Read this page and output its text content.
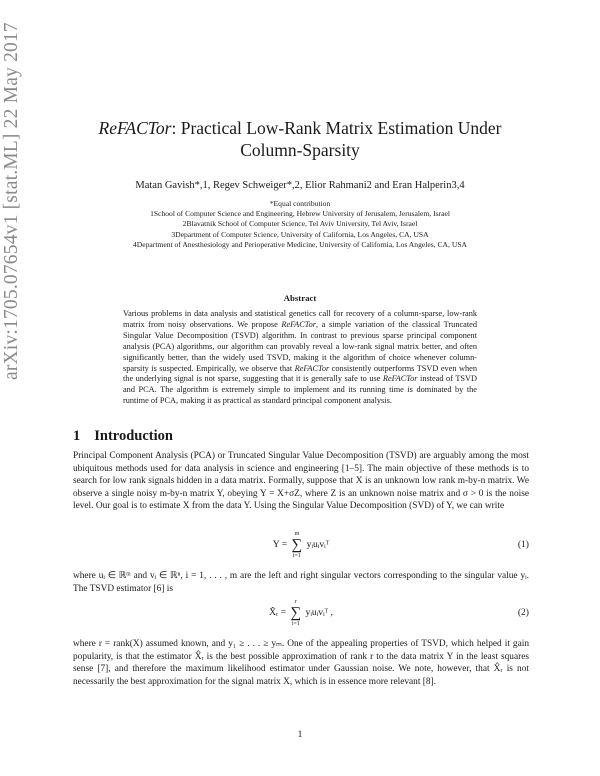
arXiv:1705.07654v1 [stat.ML] 22 May 2017	ReFACTor: Practical Low-Rank Matrix Estimation Under
Column-Sparsity
Matan Gavish*,1, Regev Schweiger*,2, Elior Rahmani2 and Eran Halperin3,4
*Equal contribution
1School of Computer Science and Engineering, Hebrew University of Jerusalem, Jerusalem, Israel
2Blavatnik School of Computer Science, Tel Aviv University, Tel Aviv, Israel
3Department of Computer Science, University of California, Los Angeles, CA, USA
4Department of Anesthesiology and Perioperative Medicine, University of California, Los Angeles, CA, USA
Abstract
Various problems in data analysis and statistical genetics call for recovery of a column-sparse, low-rank matrix from noisy observations. We propose ReFACTor, a simple variation of the classical Truncated Singular Value Decomposition (TSVD) algorithm. In contrast to previous sparse principal component analysis (PCA) algorithms, our algorithm can provably reveal a low-rank signal matrix better, and often significantly better, than the widely used TSVD, making it the algorithm of choice whenever column-sparsity is suspected. Empirically, we observe that ReFACTor consistently outperforms TSVD even when the underlying signal is not sparse, suggesting that it is generally safe to use ReFACTor instead of TSVD and PCA. The algorithm is extremely simple to implement and its running time is dominated by the runtime of PCA, making it as practical as standard principal component analysis.
1 Introduction
Principal Component Analysis (PCA) or Truncated Singular Value Decomposition (TSVD) are arguably among the most ubiquitous methods used for data analysis in science and engineering [1–5]. The main objective of these methods is to search for low rank signals hidden in a data matrix. Formally, suppose that X is an unknown low rank m-by-n matrix. We observe a single noisy m-by-n matrix Y, obeying Y = X+σZ, where Z is an unknown noise matrix and σ > 0 is the noise level. Our goal is to estimate X from the data Y. Using the Singular Value Decomposition (SVD) of Y, we can write
Y =
m
∑
i=1
yᵢuᵢvᵢᵀ	(1)
where uᵢ ∈ ℝᵐ and vᵢ ∈ ℝⁿ, i = 1, . . . , m are the left and right singular vectors corresponding to the singular value yᵢ. The TSVD estimator [6] is
X̂ᵣ =
r
∑
i=1
yᵢuᵢvᵢᵀ ,	(2)
where r = rank(X) assumed known, and y₁ ≥ . . . ≥ yₘ. One of the appealing properties of TSVD, which helped it gain popularity, is that the estimator X̂ᵣ is the best possible approximation of rank r to the data matrix Y in the least squares sense [7], and therefore the maximum likelihood estimator under Gaussian noise. We note, however, that X̂ᵣ is not necessarily the best approximation for the signal matrix X, which is in essence more relevant [8].
1
